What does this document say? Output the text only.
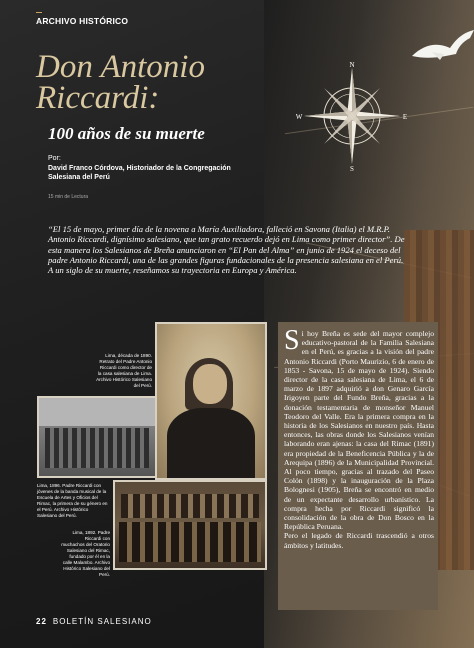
ARCHIVO HISTÓRICO
Don Antonio Riccardi:
100 años de su muerte
Por:
David Franco Córdova, Historiador de la Congregación Salesiana del Perú
15 min de Lectura
N
S
E
W
“El 15 de mayo, primer día de la novena a María Auxiliadora, falleció en Savona (Italia) el M.R.P. Antonio Riccardi, dignísimo salesiano, que tan grato recuerdo dejó en Lima como primer director”. De esta manera los Salesianos de Breña anunciaron en “El Pan del Alma” en junio de 1924 el deceso del padre Antonio Riccardi, una de las grandes figuras fundacionales de la presencia salesiana en el Perú. A un siglo de su muerte, reseñamos su trayectoria en Europa y América.
Lima, década de 1890. Retrato del Padre Antonio Riccardi como director de la casa salesiana de Lima. Archivo Histórico Salesiano del Perú.
Lima, 1896. Padre Riccardi con jóvenes de la banda musical de la Escuela de Artes y Oficios del Rimac, la primera de su género en el Perú. Archivo Histórico Salesiano del Perú.
Lima, 1892. Padre Riccardi con muchachos del Oratorio Salesiano del Rimac, fundado por él en la calle Malambo. Archivo Histórico Salesiano del Perú.

Si hoy Breña es sede del mayor complejo educativo-pastoral de la Familia Salesiana en el Perú, es gracias a la visión del padre Antonio Riccardi (Porto Maurizio, 6 de enero de 1853 - Savona, 15 de mayo de 1924). Siendo director de la casa salesiana de Lima, el 6 de marzo de 1897 adquirió a don Genaro García Irigoyen parte del Fundo Breña, gracias a la donación testamentaria de monseñor Manuel Teodoro del Valle. Era la primera compra en la historia de los Salesianos en nuestro país. Hasta entonces, las obras donde los Salesianos venían laborando eran ajenas: la casa del Rimac (1891) era propiedad de la Beneficencia Pública y la de Arequipa (1896) de la Municipalidad Provincial. Al poco tiempo, gracias al trazado del Paseo Colón (1898) y la inauguración de la Plaza Bolognesi (1905), Breña se encontró en medio de un expectante desarrollo urbanístico. La compra hecha por Riccardi significó la consolidación de la obra de Don Bosco en la República Peruana.

Pero el legado de Riccardi trascendió a otros ámbitos y latitudes.

22 BOLETÍN SALESIANO
